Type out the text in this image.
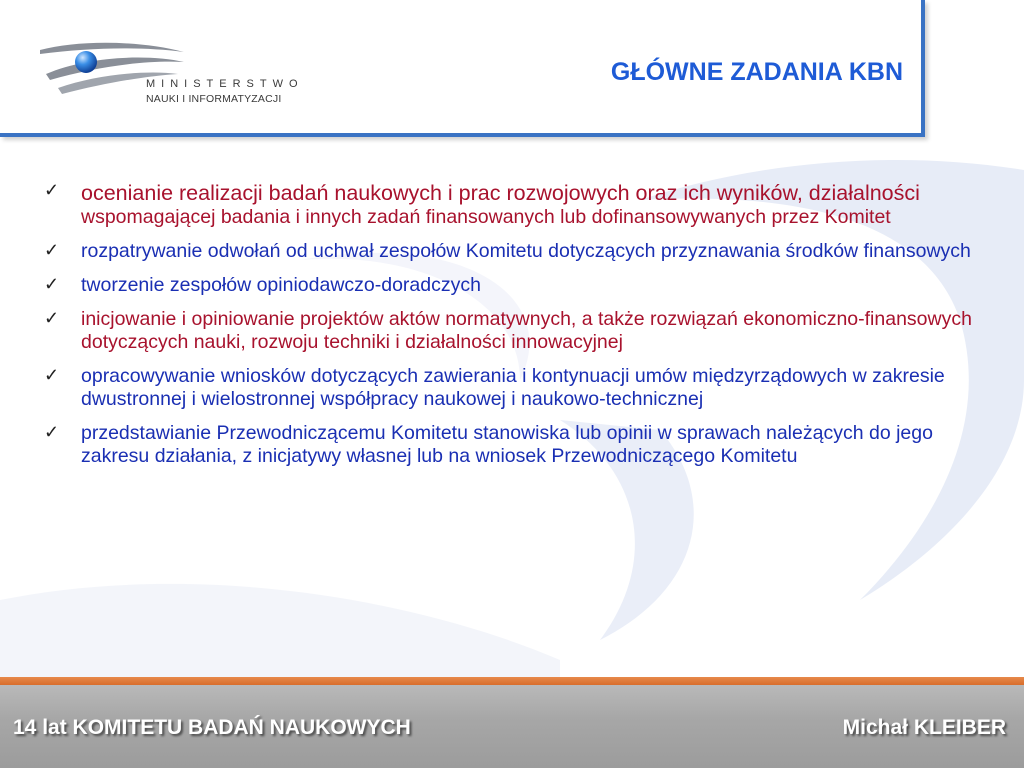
MINISTERSTWO
NAUKI I INFORMATYZACJI
GŁÓWNE ZADANIA KBN
✓ ocenianie realizacji badań naukowych i prac rozwojowych oraz ich wyników, działalności wspomagającej badania i innych zadań finansowanych lub dofinansowywanych przez Komitet
✓ rozpatrywanie odwołań od uchwał zespołów Komitetu dotyczących przyznawania środków finansowych
✓ tworzenie zespołów opiniodawczo-doradczych
✓ inicjowanie i opiniowanie projektów aktów normatywnych, a także rozwiązań ekonomiczno-finansowych dotyczących nauki, rozwoju techniki i działalności innowacyjnej
✓ opracowywanie wniosków dotyczących zawierania i kontynuacji umów międzyrządowych w zakresie dwustronnej i wielostronnej współpracy naukowej i naukowo-technicznej
✓ przedstawianie Przewodniczącemu Komitetu stanowiska lub opinii w sprawach należących do jego zakresu działania, z inicjatywy własnej lub na wniosek Przewodniczącego Komitetu
14 lat KOMITETU BADAŃ NAUKOWYCH	Michał KLEIBER
